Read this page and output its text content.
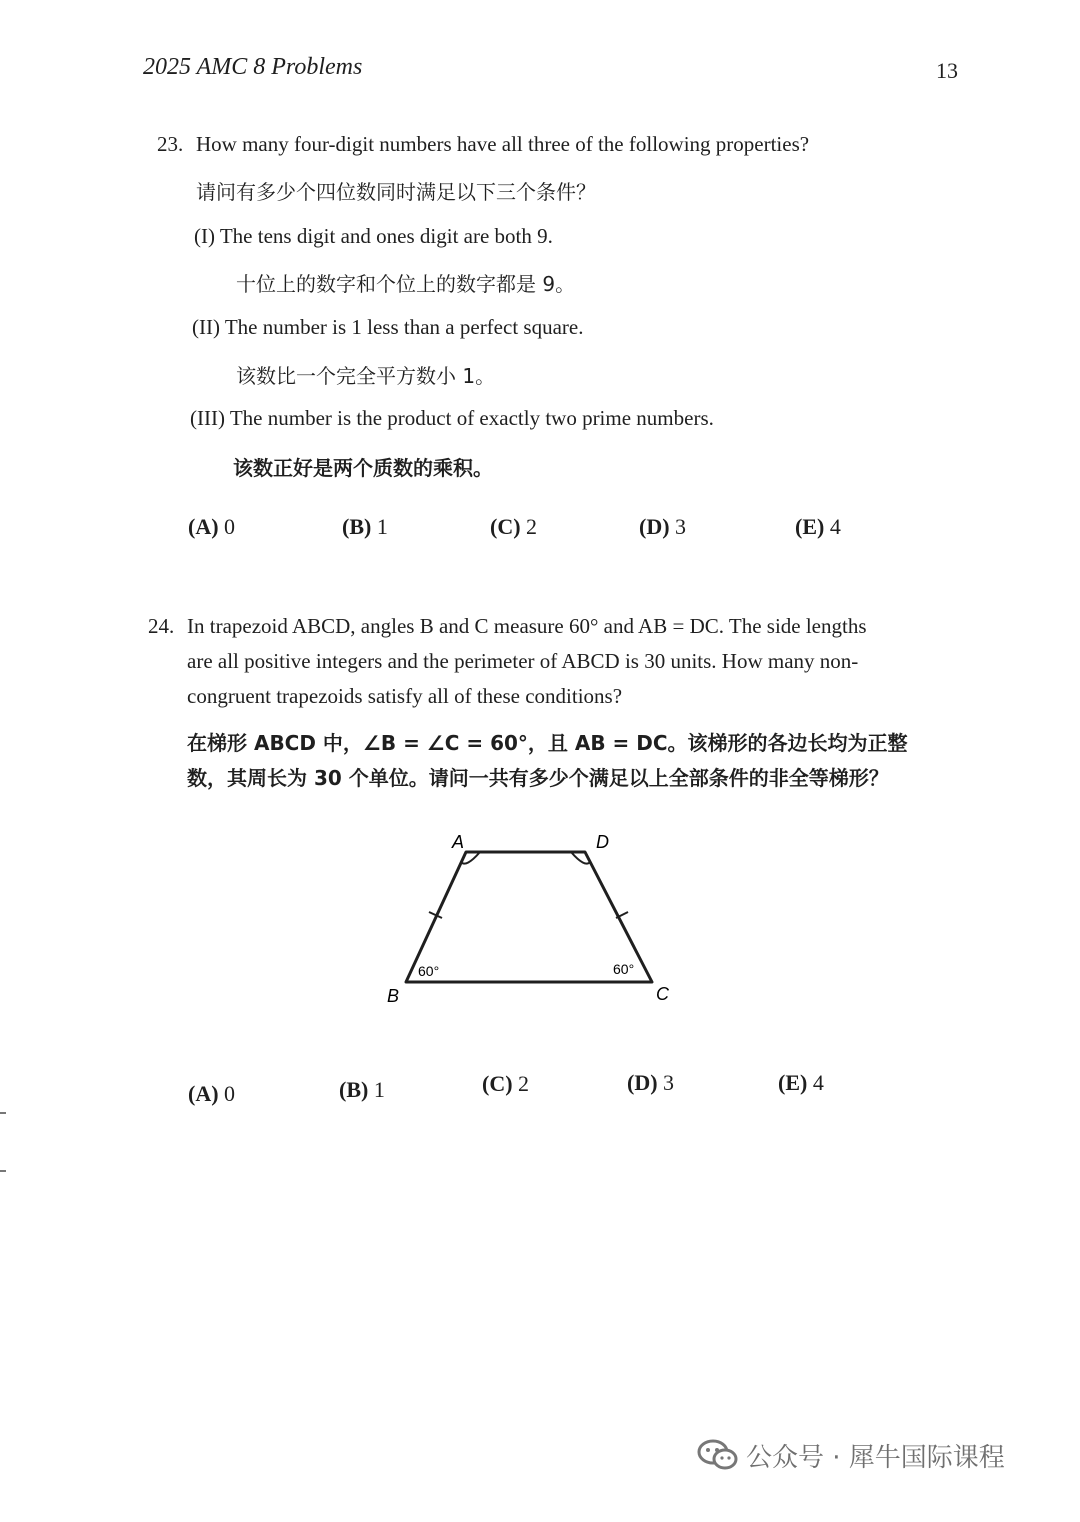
2025 AMC 8 Problems	13
23. How many four-digit numbers have all three of the following properties?
请问有多少个四位数同时满足以下三个条件？
(I) The tens digit and ones digit are both 9.
十位上的数字和个位上的数字都是 9。
(II) The number is 1 less than a perfect square.
该数比一个完全平方数小 1。
(III) The number is the product of exactly two prime numbers.
该数正好是两个质数的乘积。
(A) 0	(B) 1	(C) 2	(D) 3	(E) 4
24. In trapezoid ABCD, angles B and C measure 60° and AB = DC. The side lengths
are all positive integers and the perimeter of ABCD is 30 units. How many non-
congruent trapezoids satisfy all of these conditions?
在梯形 ABCD 中，∠B = ∠C = 60°，且 AB = DC。该梯形的各边长均为正整
数，其周长为 30 个单位。请问一共有多少个满足以上全部条件的非全等梯形？
A	D
B	C
60°	60°
(A) 0	(B) 1	(C) 2	(D) 3	(E) 4
公众号 · 犀牛国际课程
